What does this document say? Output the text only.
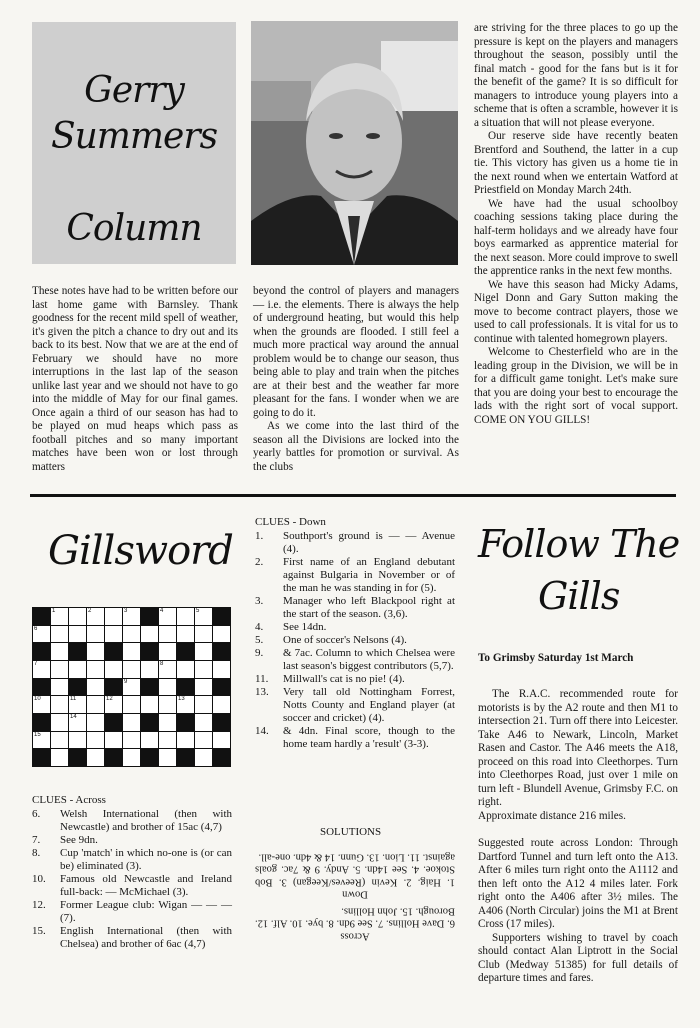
Gerry
Summers
Column

These notes have had to be written before our last home game with Barnsley. Thank goodness for the recent mild spell of weather, it's given the pitch a chance to dry out and its back to its best. Now that we are at the end of February we should have no more interruptions in the last lap of the season unlike last year and we should not have to go into the middle of May for our final games. Once again a third of our season has had to be played on mud heaps which pass as football pitches and so many important matches have been won or lost through matters

beyond the control of players and managers — i.e. the elements. There is always the help of underground heating, but would this help when the grounds are flooded. I still feel a much more practical way around the annual problem would be to change our season, thus being able to play and train when the pitches are at their best and the weather far more pleasant for the fans. I wonder when we are going to do it.

As we come into the last third of the season all the Divisions are locked into the yearly battles for promotion or survival. As the clubs

are striving for the three places to go up the pressure is kept on the players and managers throughout the season, possibly until the final match - good for the fans but is it for the benefit of the game? It is so difficult for managers to introduce young players into a scheme that is often a scramble, however it is a situation that will not please everyone.

Our reserve side have recently beaten Brentford and Southend, the latter in a cup tie. This victory has given us a home tie in the next round when we entertain Watford at Priestfield on Monday March 24th.

We have had the usual schoolboy coaching sessions taking place during the half-term holidays and we already have four boys earmarked as apprentice material for the next season. More could improve to swell the apprentice ranks in the next few months.

We have this season had Micky Adams, Nigel Donn and Gary Sutton making the move to become contract players, those we used to call professionals. It is vital for us to continue with talented homegrown players.

Welcome to Chesterfield who are in the leading group in the Division, we will be in for a difficult game tonight. Let's make sure that you are doing your best to encourage the lads with the right sort of vocal support. COME ON YOU GILLS!

Gillsword
1	2	3	4	5
6
7	8
9
10	11	12	13
14
15
CLUES - Across
6.	Welsh International (then with Newcastle) and brother of 15ac (4,7)
7.	See 9dn.
8.	Cup 'match' in which no-one is (or can be) eliminated (3).
10.	Famous old Newcastle and Ireland full-back: — McMichael (3).
12.	Former League club: Wigan — — — (7).
15.	English International (then with Chelsea) and brother of 6ac (4,7)
CLUES - Down
1.	Southport's ground is — — Avenue (4).
2.	First name of an England debutant against Bulgaria in November or of the man he was standing in for (5).
3.	Manager who left Blackpool right at the start of the season. (3,6).
4.	See 14dn.
5.	One of soccer's Nelsons (4).
9.	& 7ac. Column to which Chelsea were last season's biggest contributors (5,7).
11.	Millwall's cat is no pie! (4).
13.	Very tall old Nottingham Forrest, Notts County and England player (at soccer and cricket) (4).
14.	& 4dn. Final score, though to the home team hardly a 'result' (3-3).
SOLUTIONS
Across
6. Dave Hollins. 7. See 9dn. 8. bye. 10. Alf. 12. Borough. 15. John Hollins.
Down
1. Haig. 2. Kevin (Reeves/Keegan) 3. Bob Stokoe. 4. See 14dn. 5. Andy. 9 & 7ac. goals against. 11. Lion. 13. Gunn. 14 & 4dn. one-all.
Follow The
Gills
To Grimsby Saturday 1st March

The R.A.C. recommended route for motorists is by the A2 route and then M1 to intersection 21. Turn off there into Leicester. Take A46 to Newark, Lincoln, Market Rasen and Castor. The A46 meets the A18, proceed on this road into Cleethorpes. Turn into Cleethorpes Road, just over 1 mile on turn left - Blundell Avenue, Grimsby F.C. on right.

Approximate distance 216 miles.

Suggested route across London: Through Dartford Tunnel and turn left onto the A13. After 6 miles turn right onto the A1112 and then left onto the A12 4 miles later. Fork right onto the A406 after 3½ miles. The A406 (North Circular) joins the M1 at Brent Cross (17 miles).

Supporters wishing to travel by coach should contact Alan Liptrott in the Social Club (Medway 51385) for full details of departure times and fares.
